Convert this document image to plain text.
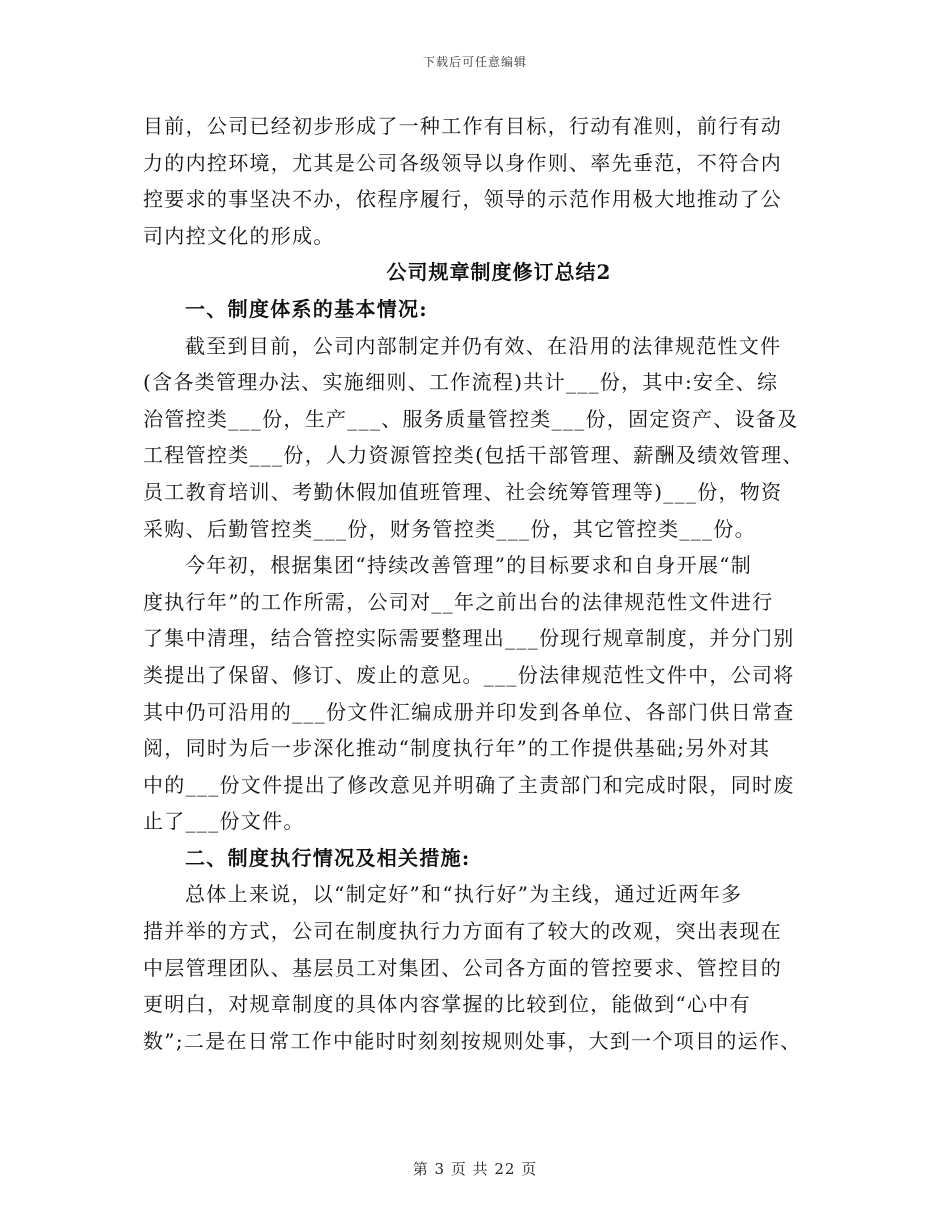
下载后可任意编辑
目前，公司已经初步形成了一种工作有目标，行动有准则，前行有动
力的内控环境，尤其是公司各级领导以身作则、率先垂范，不符合内
控要求的事坚决不办，依程序履行，领导的示范作用极大地推动了公
司内控文化的形成。
公司规章制度修订总结2
一、制度体系的基本情况:
截至到目前，公司内部制定并仍有效、在沿用的法律规范性文件
(含各类管理办法、实施细则、工作流程)共计___份，其中:安全、综
治管控类___份，生产___、服务质量管控类___份，固定资产、设备及
工程管控类___份，人力资源管控类(包括干部管理、薪酬及绩效管理、
员工教育培训、考勤休假加值班管理、社会统筹管理等)___份，物资
采购、后勤管控类___份，财务管控类___份，其它管控类___份。
今年初，根据集团“持续改善管理”的目标要求和自身开展“制
度执行年”的工作所需，公司对__年之前出台的法律规范性文件进行
了集中清理，结合管控实际需要整理出___份现行规章制度，并分门别
类提出了保留、修订、废止的意见。___份法律规范性文件中，公司将
其中仍可沿用的___份文件汇编成册并印发到各单位、各部门供日常查
阅，同时为后一步深化推动“制度执行年”的工作提供基础;另外对其
中的___份文件提出了修改意见并明确了主责部门和完成时限，同时废
止了___份文件。
二、制度执行情况及相关措施:
总体上来说，以“制定好”和“执行好”为主线，通过近两年多
措并举的方式，公司在制度执行力方面有了较大的改观，突出表现在
中层管理团队、基层员工对集团、公司各方面的管控要求、管控目的
更明白，对规章制度的具体内容掌握的比较到位，能做到“心中有
数”;二是在日常工作中能时时刻刻按规则处事，大到一个项目的运作、
第 3 页 共 22 页
